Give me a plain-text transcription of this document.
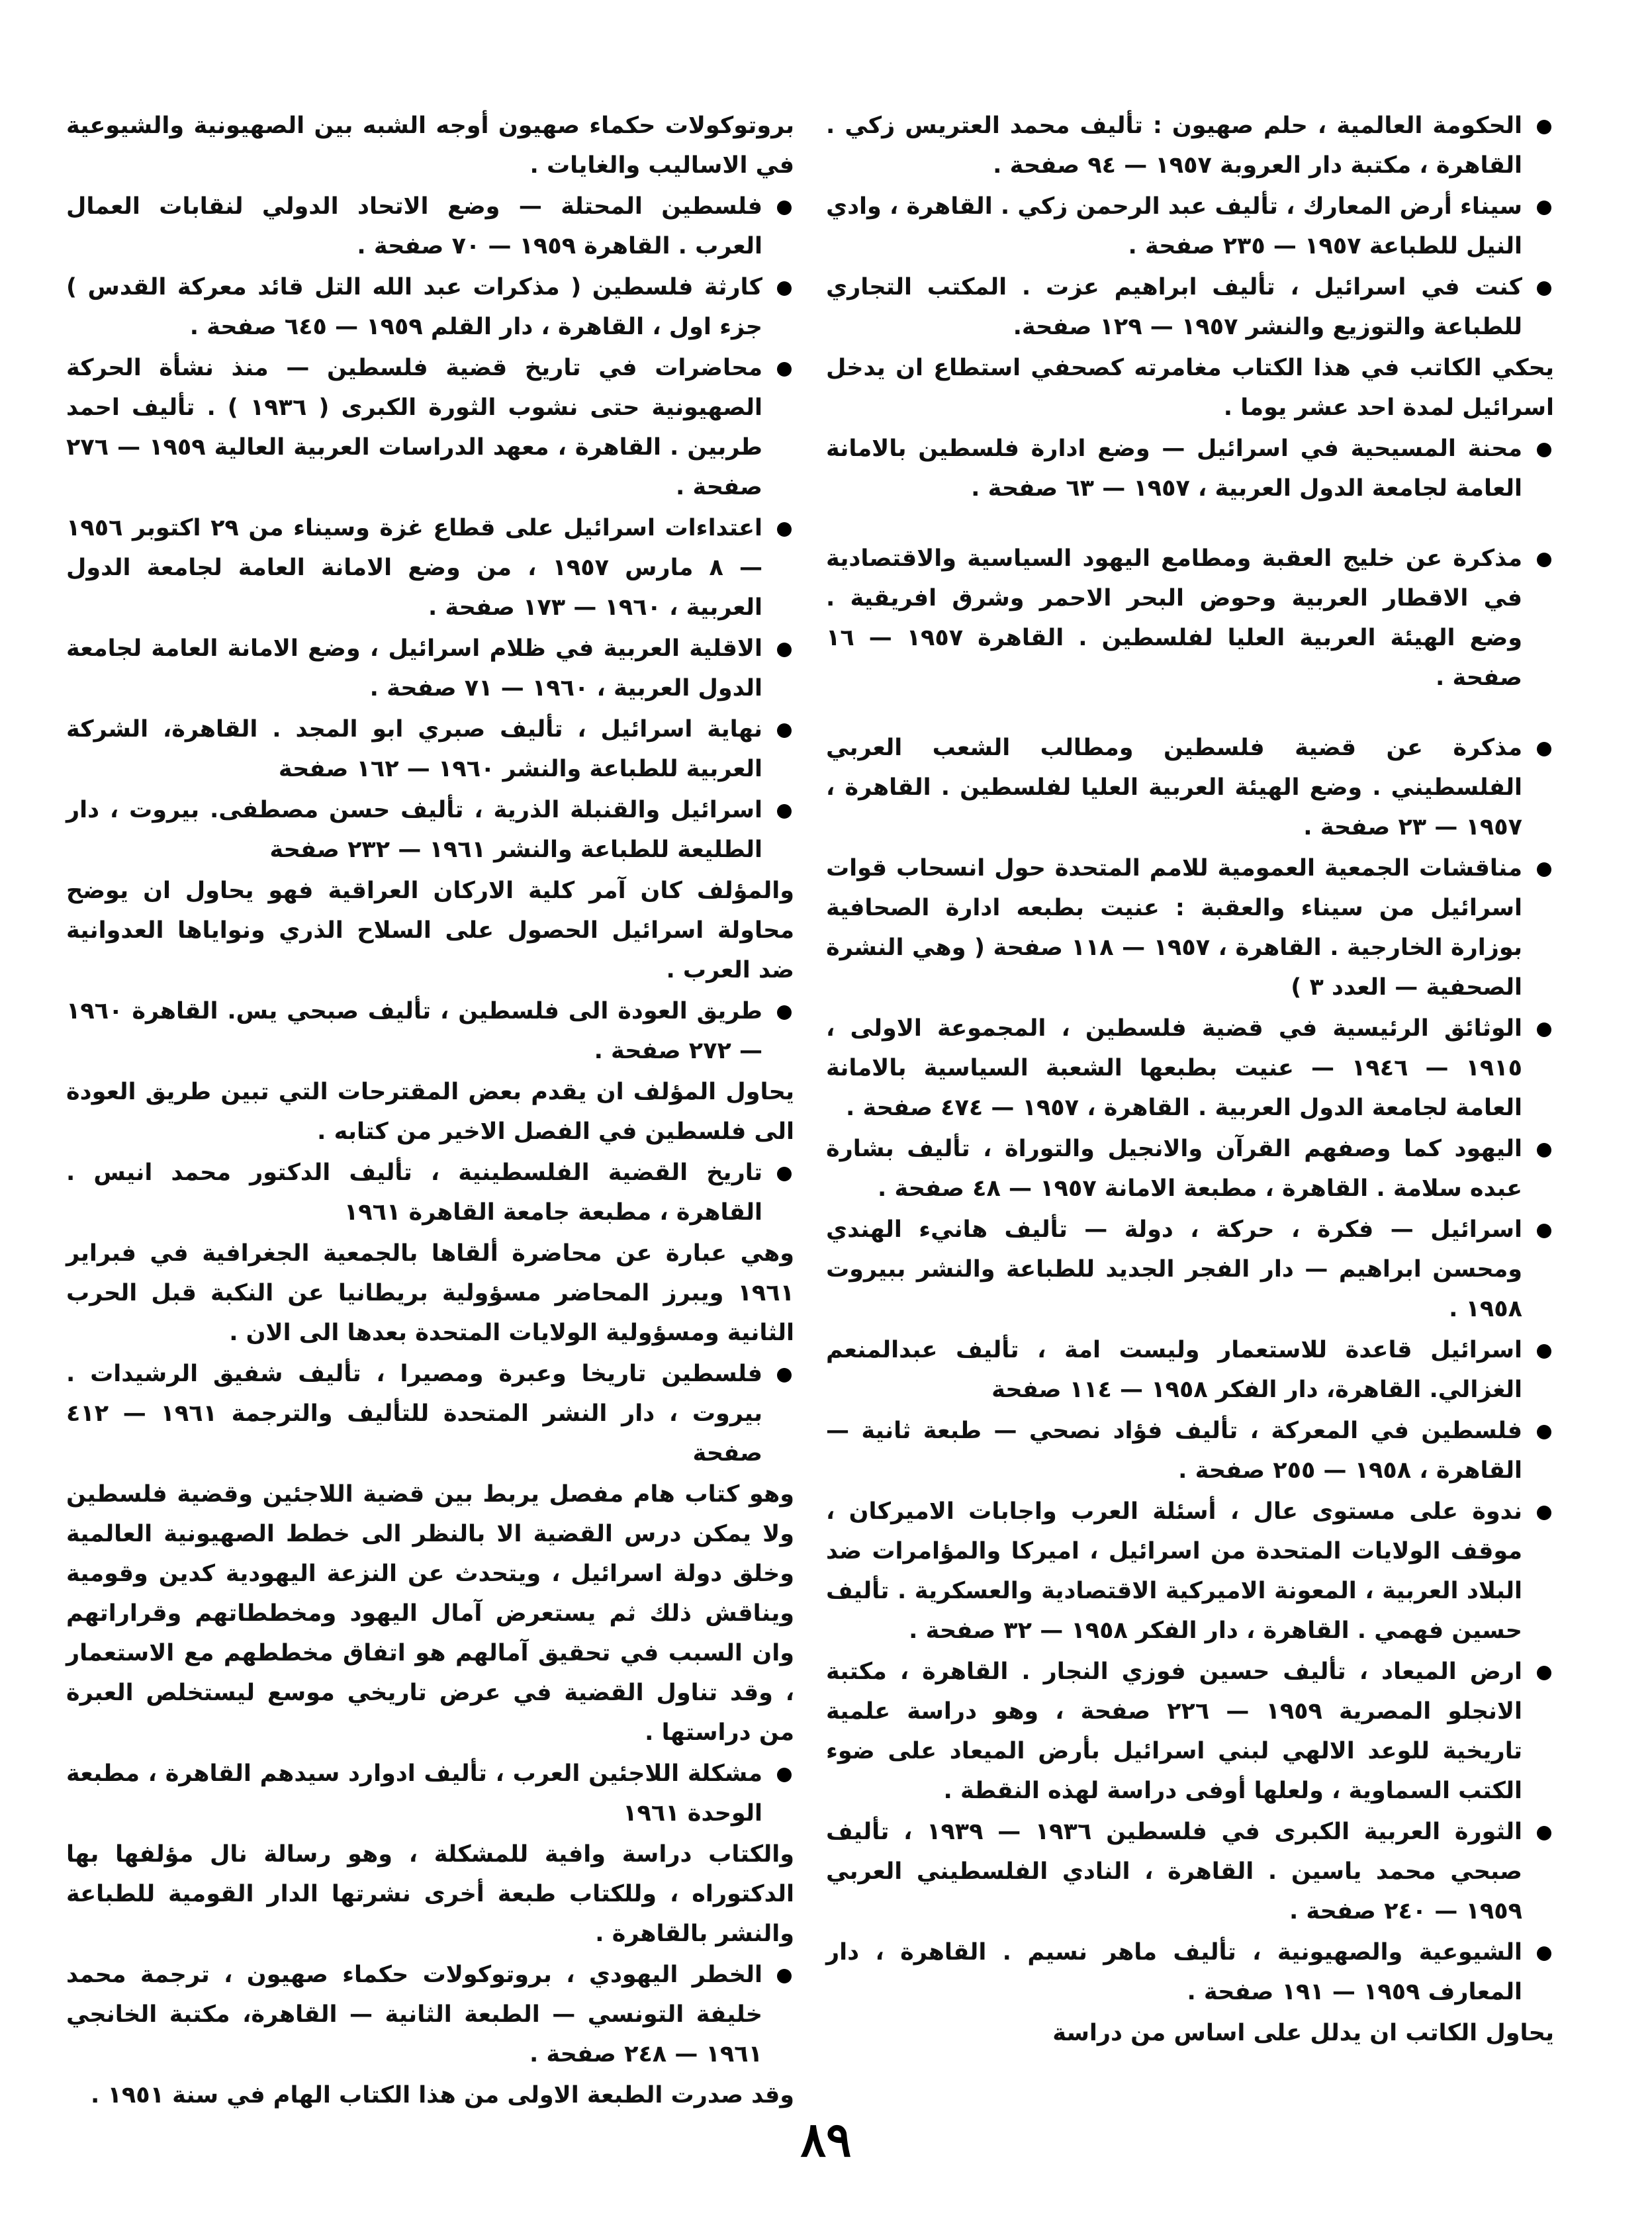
الحكومة العالمية ، حلم صهيون : تأليف محمد العتريس زكي . القاهرة ، مكتبة دار العروبة ١٩٥٧ — ٩٤ صفحة .

سيناء أرض المعارك ، تأليف عبد الرحمن زكي . القاهرة ، وادي النيل للطباعة ١٩٥٧ — ٢٣٥ صفحة .

كنت في اسرائيل ، تأليف ابراهيم عزت . المكتب التجاري للطباعة والتوزيع والنشر ١٩٥٧ — ١٢٩ صفحة.

يحكي الكاتب في هذا الكتاب مغامرته كصحفي استطاع ان يدخل اسرائيل لمدة احد عشر يوما .

محنة المسيحية في اسرائيل — وضع ادارة فلسطين بالامانة العامة لجامعة الدول العربية ، ١٩٥٧ — ٦٣ صفحة .

مذكرة عن خليج العقبة ومطامع اليهود السياسية والاقتصادية في الاقطار العربية وحوض البحر الاحمر وشرق افريقية . وضع الهيئة العربية العليا لفلسطين . القاهرة ١٩٥٧ — ١٦ صفحة .

مذكرة عن قضية فلسطين ومطالب الشعب العربي الفلسطيني . وضع الهيئة العربية العليا لفلسطين . القاهرة ، ١٩٥٧ — ٢٣ صفحة .

مناقشات الجمعية العمومية للامم المتحدة حول انسحاب قوات اسرائيل من سيناء والعقبة : عنيت بطبعه ادارة الصحافية بوزارة الخارجية . القاهرة ، ١٩٥٧ — ١١٨ صفحة ( وهي النشرة الصحفية — العدد ٣ )

الوثائق الرئيسية في قضية فلسطين ، المجموعة الاولى ، ١٩١٥ — ١٩٤٦ — عنيت بطبعها الشعبة السياسية بالامانة العامة لجامعة الدول العربية . القاهرة ، ١٩٥٧ — ٤٧٤ صفحة .

اليهود كما وصفهم القرآن والانجيل والتوراة ، تأليف بشارة عبده سلامة . القاهرة ، مطبعة الامانة ١٩٥٧ — ٤٨ صفحة .

اسرائيل — فكرة ، حركة ، دولة — تأليف هانيء الهندي ومحسن ابراهيم — دار الفجر الجديد للطباعة والنشر ببيروت ١٩٥٨ .

اسرائيل قاعدة للاستعمار وليست امة ، تأليف عبدالمنعم الغزالي. القاهرة، دار الفكر ١٩٥٨ — ١١٤ صفحة

فلسطين في المعركة ، تأليف فؤاد نصحي — طبعة ثانية — القاهرة ، ١٩٥٨ — ٢٥٥ صفحة .

ندوة على مستوى عال ، أسئلة العرب واجابات الاميركان ، موقف الولايات المتحدة من اسرائيل ، اميركا والمؤامرات ضد البلاد العربية ، المعونة الاميركية الاقتصادية والعسكرية . تأليف حسين فهمي . القاهرة ، دار الفكر ١٩٥٨ — ٣٢ صفحة .

ارض الميعاد ، تأليف حسين فوزي النجار . القاهرة ، مكتبة الانجلو المصرية ١٩٥٩ — ٢٢٦ صفحة ، وهو دراسة علمية تاريخية للوعد الالهي لبني اسرائيل بأرض الميعاد على ضوء الكتب السماوية ، ولعلها أوفى دراسة لهذه النقطة .

الثورة العربية الكبرى في فلسطين ١٩٣٦ — ١٩٣٩ ، تأليف صبحي محمد ياسين . القاهرة ، النادي الفلسطيني العربي ١٩٥٩ — ٢٤٠ صفحة .

الشيوعية والصهيونية ، تأليف ماهر نسيم . القاهرة ، دار المعارف ١٩٥٩ — ١٩١ صفحة .

يحاول الكاتب ان يدلل على اساس من دراسة

بروتوكولات حكماء صهيون أوجه الشبه بين الصهيونية والشيوعية في الاساليب والغايات .

فلسطين المحتلة — وضع الاتحاد الدولي لنقابات العمال العرب . القاهرة ١٩٥٩ — ٧٠ صفحة .

كارثة فلسطين ( مذكرات عبد الله التل قائد معركة القدس ) جزء اول ، القاهرة ، دار القلم ١٩٥٩ — ٦٤٥ صفحة .

محاضرات في تاريخ قضية فلسطين — منذ نشأة الحركة الصهيونية حتى نشوب الثورة الكبرى ( ١٩٣٦ ) . تأليف احمد طربين . القاهرة ، معهد الدراسات العربية العالية ١٩٥٩ — ٢٧٦ صفحة .

اعتداءات اسرائيل على قطاع غزة وسيناء من ٢٩ اكتوبر ١٩٥٦ — ٨ مارس ١٩٥٧ ، من وضع الامانة العامة لجامعة الدول العربية ، ١٩٦٠ — ١٧٣ صفحة .

الاقلية العربية في ظلام اسرائيل ، وضع الامانة العامة لجامعة الدول العربية ، ١٩٦٠ — ٧١ صفحة .

نهاية اسرائيل ، تأليف صبري ابو المجد . القاهرة، الشركة العربية للطباعة والنشر ١٩٦٠ — ١٦٢ صفحة

اسرائيل والقنبلة الذرية ، تأليف حسن مصطفى. بيروت ، دار الطليعة للطباعة والنشر ١٩٦١ — ٢٣٢ صفحة

والمؤلف كان آمر كلية الاركان العراقية فهو يحاول ان يوضح محاولة اسرائيل الحصول على السلاح الذري ونواياها العدوانية ضد العرب .

طريق العودة الى فلسطين ، تأليف صبحي يس. القاهرة ١٩٦٠ — ٢٧٢ صفحة .

يحاول المؤلف ان يقدم بعض المقترحات التي تبين طريق العودة الى فلسطين في الفصل الاخير من كتابه .

تاريخ القضية الفلسطينية ، تأليف الدكتور محمد انيس . القاهرة ، مطبعة جامعة القاهرة ١٩٦١

وهي عبارة عن محاضرة ألقاها بالجمعية الجغرافية في فبراير ١٩٦١ ويبرز المحاضر مسؤولية بريطانيا عن النكبة قبل الحرب الثانية ومسؤولية الولايات المتحدة بعدها الى الان .

فلسطين تاريخا وعبرة ومصيرا ، تأليف شفيق الرشيدات . بيروت ، دار النشر المتحدة للتأليف والترجمة ١٩٦١ — ٤١٢ صفحة

وهو كتاب هام مفصل يربط بين قضية اللاجئين وقضية فلسطين ولا يمكن درس القضية الا بالنظر الى خطط الصهيونية العالمية وخلق دولة اسرائيل ، ويتحدث عن النزعة اليهودية كدين وقومية ويناقش ذلك ثم يستعرض آمال اليهود ومخططاتهم وقراراتهم وان السبب في تحقيق آمالهم هو اتفاق مخططهم مع الاستعمار ، وقد تناول القضية في عرض تاريخي موسع ليستخلص العبرة من دراستها .

مشكلة اللاجئين العرب ، تأليف ادوارد سيدهم القاهرة ، مطبعة الوحدة ١٩٦١

والكتاب دراسة وافية للمشكلة ، وهو رسالة نال مؤلفها بها الدكتوراه ، وللكتاب طبعة أخرى نشرتها الدار القومية للطباعة والنشر بالقاهرة .

الخطر اليهودي ، بروتوكولات حكماء صهيون ، ترجمة محمد خليفة التونسي — الطبعة الثانية — القاهرة، مكتبة الخانجي ١٩٦١ — ٢٤٨ صفحة .

وقد صدرت الطبعة الاولى من هذا الكتاب الهام في سنة ١٩٥١ .

٨٩
